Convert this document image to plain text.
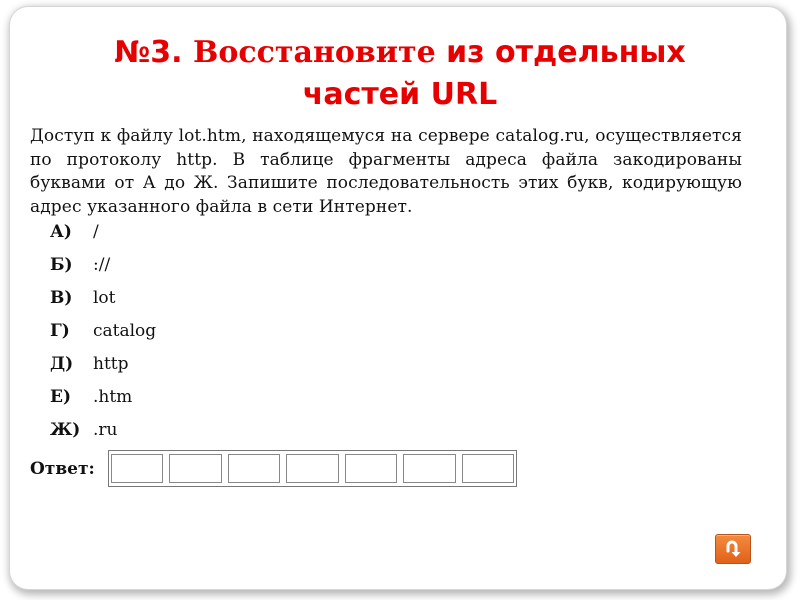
№3. Восстановите из отдельных
частей URL
Доступ к файлу lot.htm, находящемуся на сервере catalog.ru, осуществляется по протоколу http. В таблице фрагменты адреса файла закодированы буквами от А до Ж. Запишите последовательность этих букв, кодирующую адрес указанного файла в сети Интернет.
А) /
Б) ://
В) lot
Г) catalog
Д) http
Е) .htm
Ж) .ru
Ответ:
